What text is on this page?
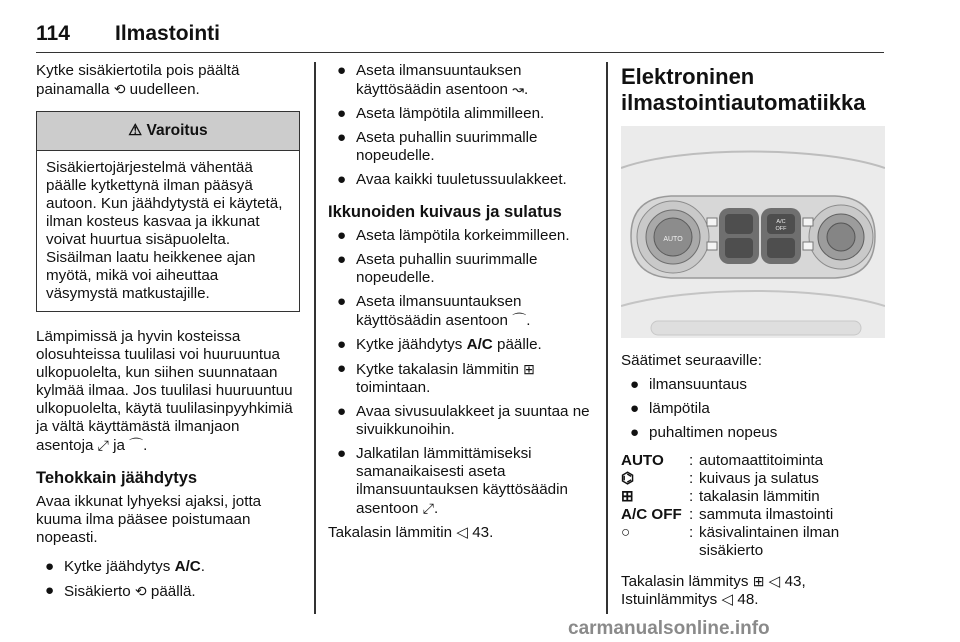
114 Ilmastointi

Kytke sisäkiertotila pois päältä painamalla ⟲ uudelleen.

⚠ Varoitus
Sisäkiertojärjestelmä vähentää päälle kytkettynä ilman pääsyä autoon. Kun jäähdytystä ei käytetä, ilman kosteus kasvaa ja ikkunat voivat huurtua sisäpuolelta. Sisäilman laatu heikkenee ajan myötä, mikä voi aiheuttaa väsymystä matkustajille.

Lämpimissä ja hyvin kosteissa olosuhteissa tuulilasi voi huuruuntua ulkopuolelta, kun siihen suunnataan kylmää ilmaa. Jos tuulilasi huuruuntuu ulkopuolelta, käytä tuulilasinpyyhkimiä ja vältä käyttämästä ilmanjaon asentoja ⤢ ja ⌒.

Tehokkain jäähdytys

Avaa ikkunat lyhyeksi ajaksi, jotta kuuma ilma pääsee poistumaan nopeasti.

● Kytke jäähdytys A/C.
● Sisäkierto ⟲ päällä.
● Aseta ilmansuuntauksen käyttösäädin asentoon ↝.
● Aseta lämpötila alimmilleen.
● Aseta puhallin suurimmalle nopeudelle.
● Avaa kaikki tuuletussuulakkeet.
Ikkunoiden kuivaus ja sulatus
● Aseta lämpötila korkeimmilleen.
● Aseta puhallin suurimmalle nopeudelle.
● Aseta ilmansuuntauksen käyttösäädin asentoon ⌒.
● Kytke jäähdytys A/C päälle.
● Kytke takalasin lämmitin ⊞ toimintaan.
● Avaa sivusuulakkeet ja suuntaa ne sivuikkunoihin.
● Jalkatilan lämmittämiseksi samanaikaisesti aseta ilmansuuntauksen käyttösäädin asentoon ⤢.

Takalasin lämmitin ◁ 43.

Elektroninen ilmastointiautomatiikka
AUTO
A/C
OFF

Säätimet seuraaville:

● ilmansuuntaus
● lämpötila
● puhaltimen nopeus
AUTO	: automaattitoiminta
⌬	: kuivaus ja sulatus
⊞	: takalasin lämmitin
A/C OFF : sammuta ilmastointi
○	: käsivalintainen ilman sisäkierto

Takalasin lämmitys ⊞ ◁ 43, Istuinlämmitys ◁ 48.

carmanualsonline.info
